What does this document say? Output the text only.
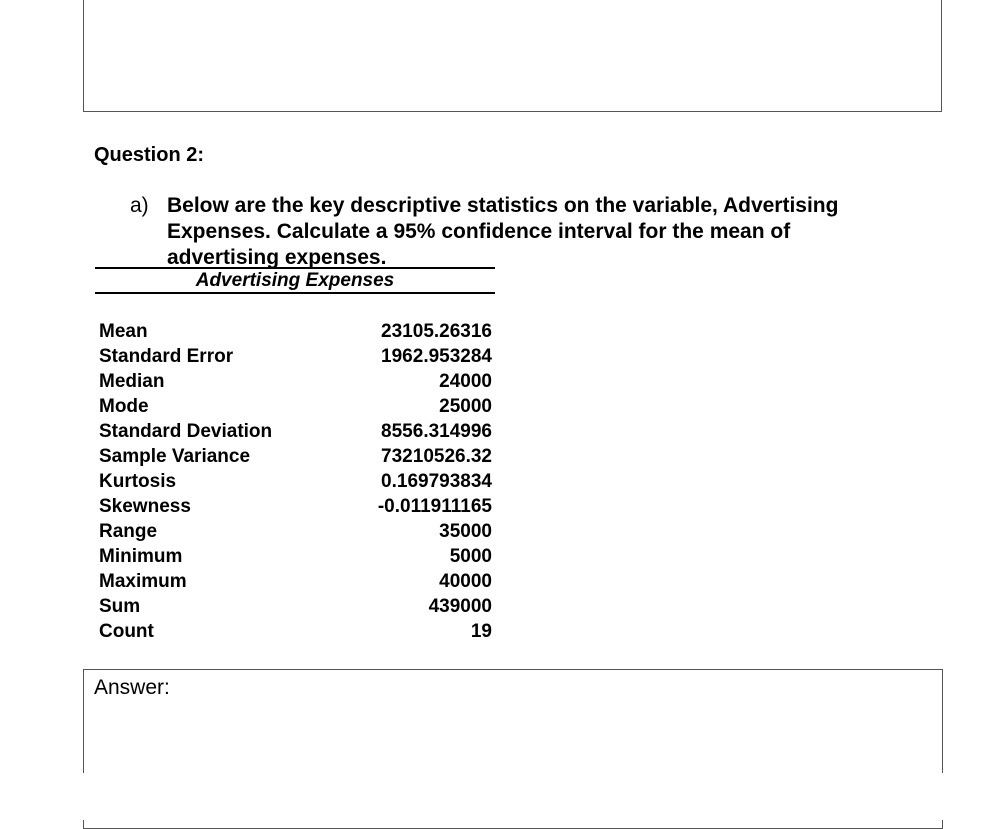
Question 2:
a) Below are the key descriptive statistics on the variable, Advertising Expenses. Calculate a 95% confidence interval for the mean of advertising expenses.
Advertising Expenses
Mean	23105.26316
Standard Error	1962.953284
Median	24000
Mode	25000
Standard Deviation	8556.314996
Sample Variance	73210526.32
Kurtosis	0.169793834
Skewness	-0.011911165
Range	35000
Minimum	5000
Maximum	40000
Sum	439000
Count	19
Answer:
